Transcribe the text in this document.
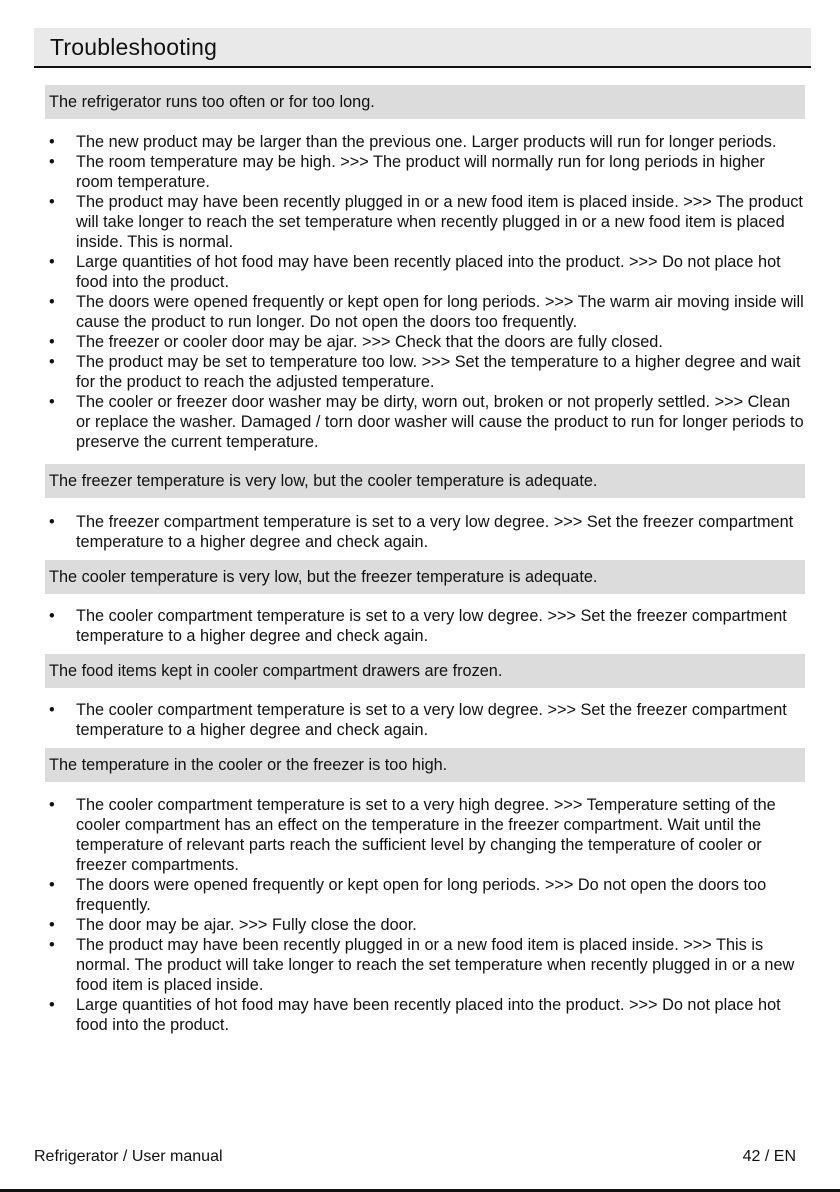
Troubleshooting
The refrigerator runs too often or for too long.
• The new product may be larger than the previous one. Larger products will run for longer periods.
• The room temperature may be high. >>> The product will normally run for long periods in higher room temperature.
• The product may have been recently plugged in or a new food item is placed inside. >>> The product will take longer to reach the set temperature when recently plugged in or a new food item is placed inside. This is normal.
• Large quantities of hot food may have been recently placed into the product. >>> Do not place hot food into the product.
• The doors were opened frequently or kept open for long periods. >>> The warm air moving inside will cause the product to run longer. Do not open the doors too frequently.
• The freezer or cooler door may be ajar. >>> Check that the doors are fully closed.
• The product may be set to temperature too low. >>> Set the temperature to a higher degree and wait for the product to reach the adjusted temperature.
• The cooler or freezer door washer may be dirty, worn out, broken or not properly settled. >>> Clean or replace the washer. Damaged / torn door washer will cause the product to run for longer periods to preserve the current temperature.
The freezer temperature is very low, but the cooler temperature is adequate.
• The freezer compartment temperature is set to a very low degree. >>> Set the freezer compartment temperature to a higher degree and check again.
The cooler temperature is very low, but the freezer temperature is adequate.
• The cooler compartment temperature is set to a very low degree. >>> Set the freezer compartment temperature to a higher degree and check again.
The food items kept in cooler compartment drawers are frozen.
• The cooler compartment temperature is set to a very low degree. >>> Set the freezer compartment temperature to a higher degree and check again.
The temperature in the cooler or the freezer is too high.
• The cooler compartment temperature is set to a very high degree. >>> Temperature setting of the cooler compartment has an effect on the temperature in the freezer compartment. Wait until the temperature of relevant parts reach the sufficient level by changing the temperature of cooler or freezer compartments.
• The doors were opened frequently or kept open for long periods. >>> Do not open the doors too frequently.
• The door may be ajar. >>> Fully close the door.
• The product may have been recently plugged in or a new food item is placed inside. >>> This is normal. The product will take longer to reach the set temperature when recently plugged in or a new food item is placed inside.
• Large quantities of hot food may have been recently placed into the product. >>> Do not place hot food into the product.
Refrigerator / User manual	42 / EN
